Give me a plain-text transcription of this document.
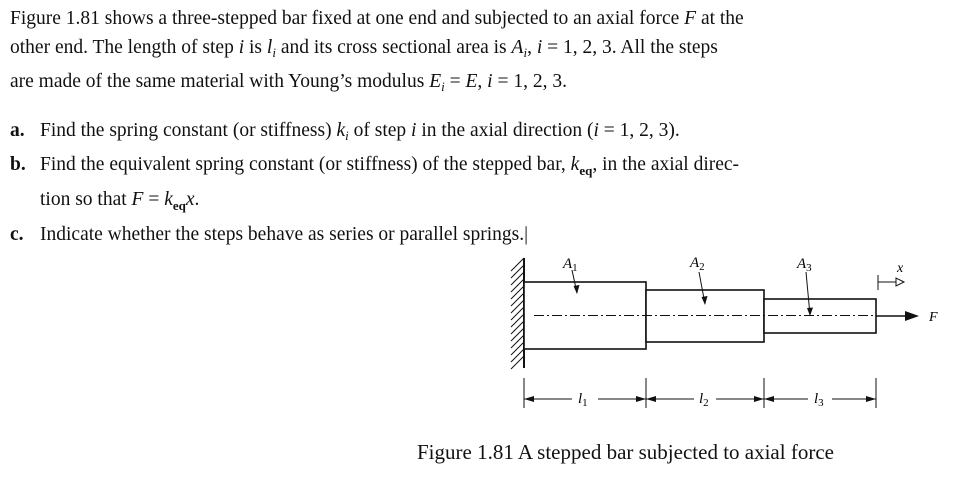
Figure 1.81 shows a three-stepped bar fixed at one end and subjected to an axial force F at the

other end. The length of step i is $l_i$ and its cross sectional area is $A_i$, i = 1, 2, 3. All the steps

are made of the same material with Young’s modulus $E_i = E$, i = 1, 2, 3.

a. Find the spring constant (or stiffness) $k_i$ of step i in the axial direction (i = 1, 2, 3).
b. Find the equivalent spring constant (or stiffness) of the stepped bar, $k_{eq}$, in the axial direc-
tion so that $F = k_{eq}x$.
c. Indicate whether the steps behave as series or parallel springs.|
$A_1$	$A_2$	$A_3$	x
F
$l_1$	$l_2$	$l_3$
Figure 1.81 A stepped bar subjected to axial force
